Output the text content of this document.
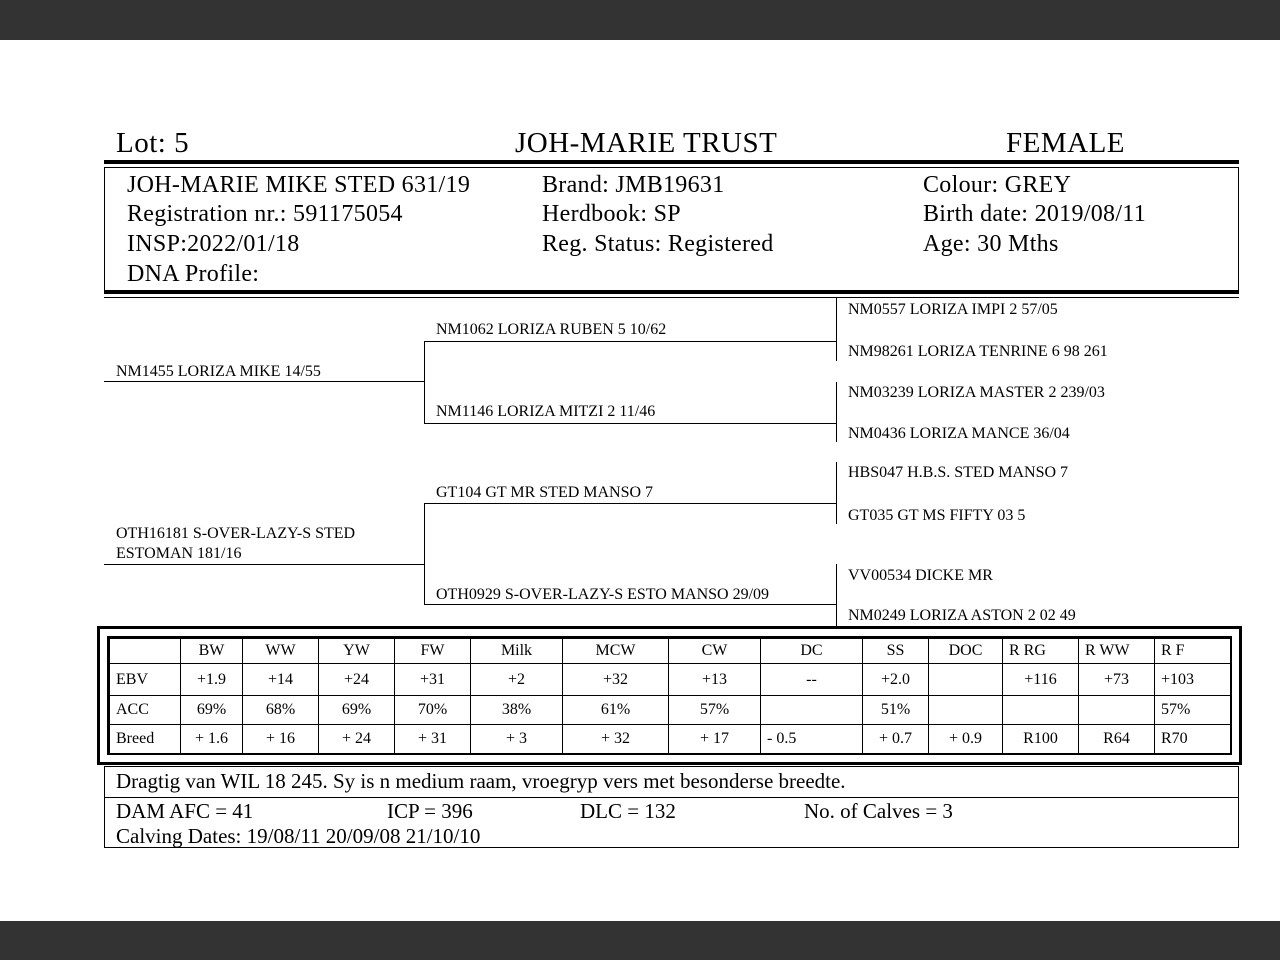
Lot: 5	JOH-MARIE TRUST	FEMALE
JOH-MARIE MIKE STED 631/19
Registration nr.: 591175054
INSP:2022/01/18
DNA Profile:
Brand: JMB19631
Herdbook: SP
Reg. Status: Registered
Colour: GREY
Birth date: 2019/08/11
Age: 30 Mths
NM1455 LORIZA MIKE 14/55
OTH16181 S-OVER-LAZY-S STED
ESTOMAN 181/16
NM1062 LORIZA RUBEN 5 10/62
NM1146 LORIZA MITZI 2 11/46
GT104 GT MR STED MANSO 7
OTH0929 S-OVER-LAZY-S ESTO MANSO 29/09
NM0557 LORIZA IMPI 2 57/05
NM98261 LORIZA TENRINE 6 98 261
NM03239 LORIZA MASTER 2 239/03
NM0436 LORIZA MANCE 36/04
HBS047 H.B.S. STED MANSO 7
GT035 GT MS FIFTY 03 5
VV00534 DICKE MR
NM0249 LORIZA ASTON 2 02 49
	BW	WW	YW	FW	Milk	MCW	CW	DC	SS	DOC	R RG	R WW	R F
EBV	+1.9	+14	+24	+31	+2	+32	+13	--	+2.0		+116	+73	+103
ACC	69%	68%	69%	70%	38%	61%	57%		51%				57%
Breed	+ 1.6	+ 16	+ 24	+ 31	+ 3	+ 32	+ 17	- 0.5	+ 0.7	+ 0.9	R100	R64	R70
Dragtig van WIL 18 245. Sy is n medium raam, vroegryp vers met besonderse breedte.
DAM AFC = 41	ICP = 396	DLC = 132	No. of Calves = 3
Calving Dates: 19/08/11 20/09/08 21/10/10
